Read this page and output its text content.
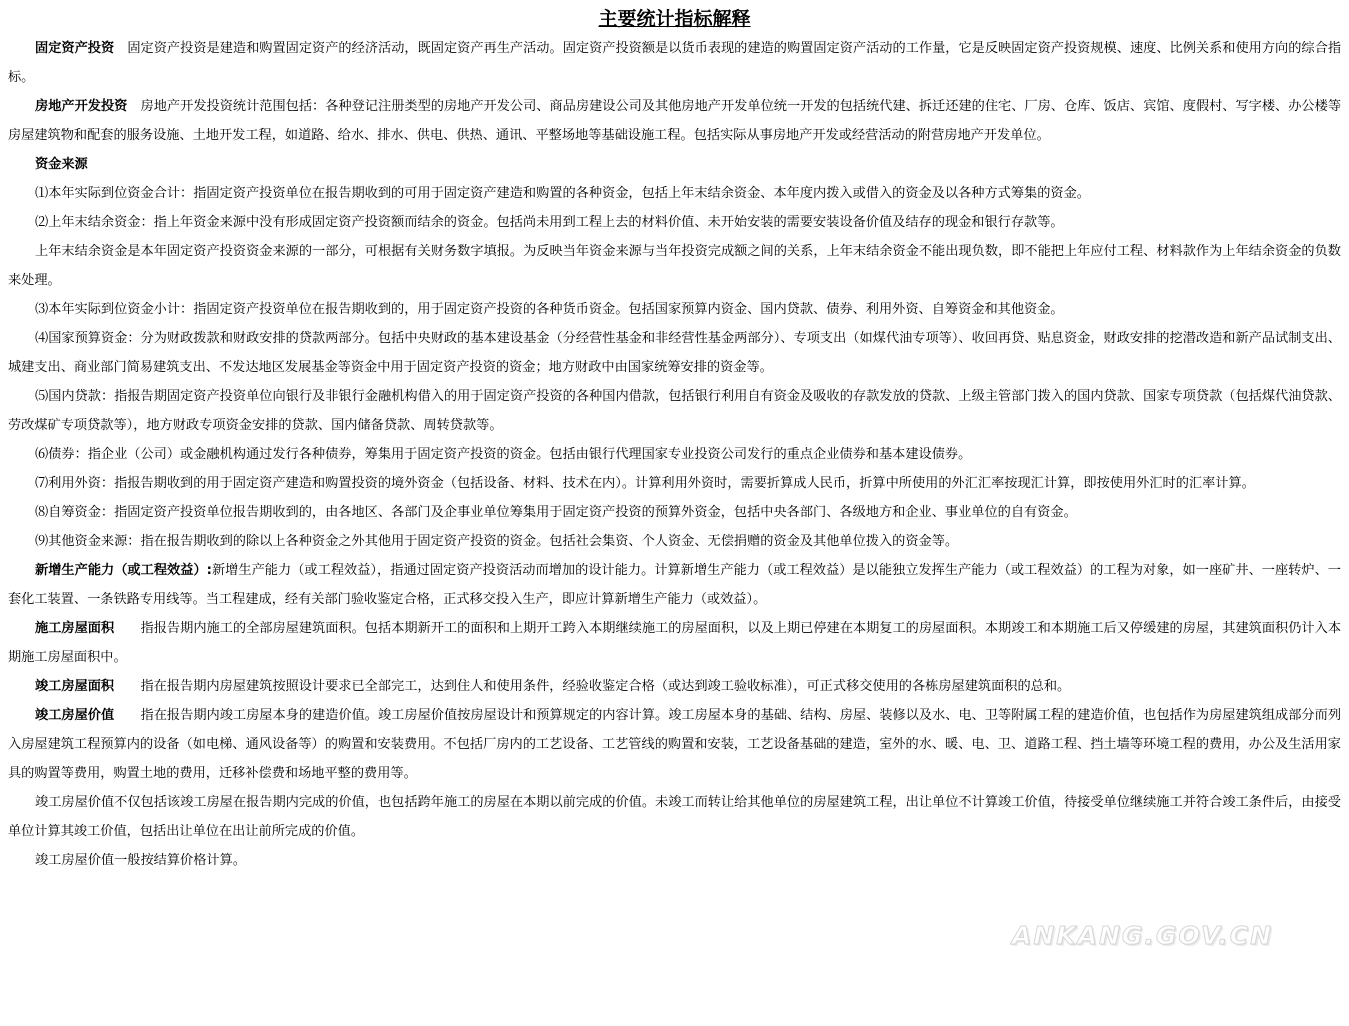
主要统计指标解释

固定资产投资　 固定资产投资是建造和购置固定资产的经济活动，既固定资产再生产活动。固定资产投资额是以货币表现的建造的购置固定资产活动的工作量，它是反映固定资产投资规模、速度、比例关系和使用方向的综合指标。

房地产开发投资　 房地产开发投资统计范围包括：各种登记注册类型的房地产开发公司、商品房建设公司及其他房地产开发单位统一开发的包括统代建、拆迁还建的住宅、厂房、仓库、饭店、宾馆、度假村、写字楼、办公楼等房屋建筑物和配套的服务设施、土地开发工程，如道路、给水、排水、供电、供热、通讯、平整场地等基础设施工程。包括实际从事房地产开发或经营活动的附营房地产开发单位。

资金来源

⑴本年实际到位资金合计：指固定资产投资单位在报告期收到的可用于固定资产建造和购置的各种资金，包括上年末结余资金、本年度内拨入或借入的资金及以各种方式筹集的资金。

⑵上年末结余资金：指上年资金来源中没有形成固定资产投资额而结余的资金。包括尚未用到工程上去的材料价值、未开始安装的需要安装设备价值及结存的现金和银行存款等。

上年末结余资金是本年固定资产投资资金来源的一部分，可根据有关财务数字填报。为反映当年资金来源与当年投资完成额之间的关系，上年末结余资金不能出现负数，即不能把上年应付工程、材料款作为上年结余资金的负数来处理。

⑶本年实际到位资金小计：指固定资产投资单位在报告期收到的，用于固定资产投资的各种货币资金。包括国家预算内资金、国内贷款、债券、利用外资、自筹资金和其他资金。

⑷国家预算资金：分为财政拨款和财政安排的贷款两部分。包括中央财政的基本建设基金（分经营性基金和非经营性基金两部分）、专项支出（如煤代油专项等）、收回再贷、贴息资金，财政安排的挖潜改造和新产品试制支出、城建支出、商业部门简易建筑支出、不发达地区发展基金等资金中用于固定资产投资的资金；地方财政中由国家统筹安排的资金等。

⑸国内贷款：指报告期固定资产投资单位向银行及非银行金融机构借入的用于固定资产投资的各种国内借款，包括银行利用自有资金及吸收的存款发放的贷款、上级主管部门拨入的国内贷款、国家专项贷款（包括煤代油贷款、劳改煤矿专项贷款等），地方财政专项资金安排的贷款、国内储备贷款、周转贷款等。

⑹债券：指企业（公司）或金融机构通过发行各种债券，筹集用于固定资产投资的资金。包括由银行代理国家专业投资公司发行的重点企业债券和基本建设债券。

⑺利用外资：指报告期收到的用于固定资产建造和购置投资的境外资金（包括设备、材料、技术在内）。计算利用外资时，需要折算成人民币，折算中所使用的外汇汇率按现汇计算，即按使用外汇时的汇率计算。

⑻自筹资金：指固定资产投资单位报告期收到的，由各地区、各部门及企事业单位筹集用于固定资产投资的预算外资金，包括中央各部门、各级地方和企业、事业单位的自有资金。

⑼其他资金来源：指在报告期收到的除以上各种资金之外其他用于固定资产投资的资金。包括社会集资、个人资金、无偿捐赠的资金及其他单位拨入的资金等。

新增生产能力（或工程效益）:新增生产能力（或工程效益），指通过固定资产投资活动而增加的设计能力。计算新增生产能力（或工程效益）是以能独立发挥生产能力（或工程效益）的工程为对象，如一座矿井、一座转炉、一套化工装置、一条铁路专用线等。当工程建成，经有关部门验收鉴定合格，正式移交投入生产，即应计算新增生产能力（或效益）。

施工房屋面积　　 指报告期内施工的全部房屋建筑面积。包括本期新开工的面积和上期开工跨入本期继续施工的房屋面积，以及上期已停建在本期复工的房屋面积。本期竣工和本期施工后又停缓建的房屋，其建筑面积仍计入本期施工房屋面积中。

竣工房屋面积　　 指在报告期内房屋建筑按照设计要求已全部完工，达到住人和使用条件，经验收鉴定合格（或达到竣工验收标准），可正式移交使用的各栋房屋建筑面积的总和。

竣工房屋价值　　 指在报告期内竣工房屋本身的建造价值。竣工房屋价值按房屋设计和预算规定的内容计算。竣工房屋本身的基础、结构、房屋、装修以及水、电、卫等附属工程的建造价值，也包括作为房屋建筑组成部分而列入房屋建筑工程预算内的设备（如电梯、通风设备等）的购置和安装费用。不包括厂房内的工艺设备、工艺管线的购置和安装，工艺设备基础的建造，室外的水、暖、电、卫、道路工程、挡土墙等环境工程的费用，办公及生活用家具的购置等费用，购置土地的费用，迁移补偿费和场地平整的费用等。

竣工房屋价值不仅包括该竣工房屋在报告期内完成的价值，也包括跨年施工的房屋在本期以前完成的价值。未竣工而转让给其他单位的房屋建筑工程，出让单位不计算竣工价值，待接受单位继续施工并符合竣工条件后，由接受单位计算其竣工价值，包括出让单位在出让前所完成的价值。

竣工房屋价值一般按结算价格计算。

ANKANG.GOV.CN
